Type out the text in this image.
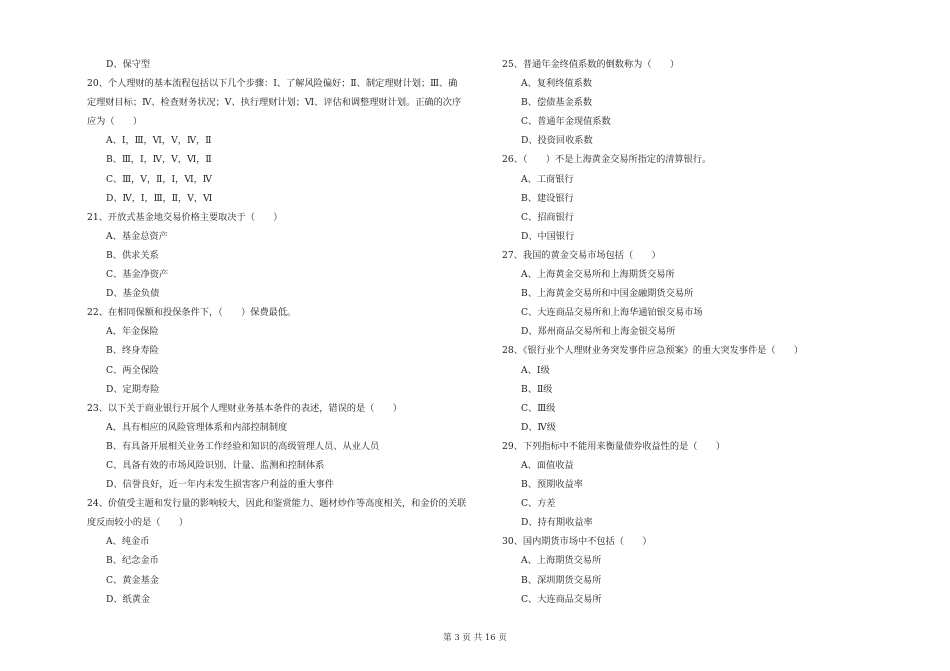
D、保守型
20、个人理财的基本流程包括以下几个步骤：Ⅰ、了解风险偏好；Ⅱ、制定理财计划；Ⅲ、确
定理财目标；Ⅳ、检查财务状况；Ⅴ、执行理财计划；Ⅵ、评估和调整理财计划。正确的次序
应为（　　）
A、Ⅰ，Ⅲ，Ⅵ，Ⅴ，Ⅳ，Ⅱ
B、Ⅲ，Ⅰ，Ⅳ，Ⅴ，Ⅵ，Ⅱ
C、Ⅲ，Ⅴ，Ⅱ，Ⅰ，Ⅵ，Ⅳ
D、Ⅳ，Ⅰ，Ⅲ，Ⅱ，Ⅴ，Ⅵ
21、开放式基金地交易价格主要取决于（　　）
A、基金总资产
B、供求关系
C、基金净资产
D、基金负债
22、在相同保额和投保条件下，（　　）保费最低。
A、年金保险
B、终身寿险
C、两全保险
D、定期寿险
23、以下关于商业银行开展个人理财业务基本条件的表述，错误的是（　　）
A、具有相应的风险管理体系和内部控制制度
B、有具备开展相关业务工作经验和知识的高级管理人员、从业人员
C、具备有效的市场风险识别、计量、监测和控制体系
D、信誉良好，近一年内未发生损害客户利益的重大事件
24、价值受主题和发行量的影响较大，因此和鉴赏能力、题材炒作等高度相关，和金价的关联
度反而较小的是（　　）
A、纯金币
B、纪念金币
C、黄金基金
D、纸黄金
25、普通年金终值系数的倒数称为（　　）
A、复利终值系数
B、偿债基金系数
C、普通年金现值系数
D、投资回收系数
26、（　　）不是上海黄金交易所指定的清算银行。
A、工商银行
B、建设银行
C、招商银行
D、中国银行
27、我国的黄金交易市场包括（　　）
A、上海黄金交易所和上海期货交易所
B、上海黄金交易所和中国金融期货交易所
C、大连商品交易所和上海华通铂银交易市场
D、郑州商品交易所和上海金银交易所
28、《银行业个人理财业务突发事件应急预案》的重大突发事件是（　　）
A、Ⅰ级
B、Ⅱ级
C、Ⅲ级
D、Ⅳ级
29、下列指标中不能用来衡量债券收益性的是（　　）
A、面值收益
B、预期收益率
C、方差
D、持有期收益率
30、国内期货市场中不包括（　　）
A、上海期货交易所
B、深圳期货交易所
C、大连商品交易所
第 3 页 共 16 页
